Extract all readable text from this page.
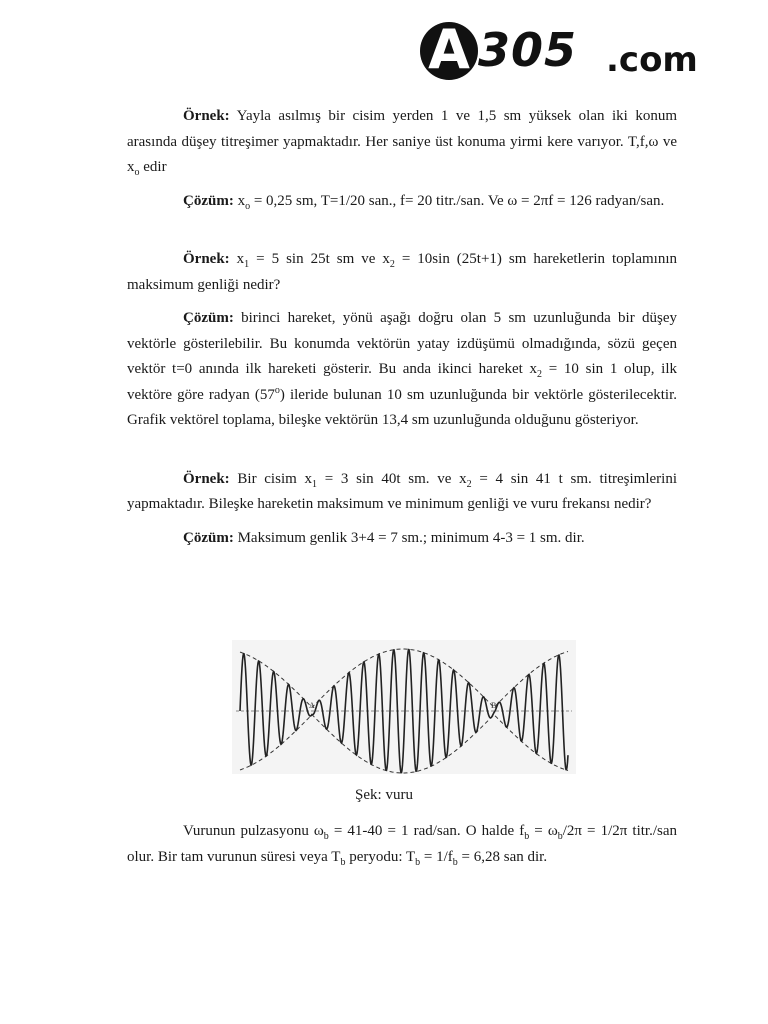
A 305 .com

Örnek: Yayla asılmış bir cisim yerden 1 ve 1,5 sm yüksek olan iki konum arasında düşey titreşimer yapmaktadır. Her saniye üst konuma yirmi kere varıyor. T,f,ω ve $x_o$ edir

Çözüm: $x_o = 0,25$ sm, T=1/20 san., f= 20 titr./san. Ve ω = 2πf = 126 radyan/san.

Örnek: $x_1 = 5$ sin 25t sm ve $x_2 = 10\sin$ (25t+1) sm hareketlerin toplamının maksimum genliği nedir?

Çözüm: birinci hareket, yönü aşağı doğru olan 5 sm uzunluğunda bir düşey vektörle gösterilebilir. Bu konumda vektörün yatay izdüşümü olmadığında, sözü geçen vektör t=0 anında ilk hareketi gösterir. Bu anda ikinci hareket $x_2 = 10$ sin 1 olup, ilk vektöre göre radyan (57$^o$) ileride bulunan 10 sm uzunluğunda bir vektörle gösterilecektir. Grafik vektörel toplama, bileşke vektörün 13,4 sm uzunluğunda olduğunu gösteriyor.

Örnek: Bir cisim $x_1 = 3$ sin 40t sm. ve $x_2 = 4$ sin 41 t sm. titreşimlerini yapmaktadır. Bileşke hareketin maksimum ve minimum genliği ve vuru frekansı nedir?

Çözüm: Maksimum genlik 3+4 = 7 sm.; minimum 4-3 = 1 sm. dir.

A	B
Şek: vuru

Vurunun pulzasyonu $\omega_b = 41-40 = 1$ rad/san. O halde $f_b = \omega_b/2\pi = 1/2\pi$ titr./san olur. Bir tam vurunun süresi veya $T_b$ peryodu: $T_b = 1/f_b = 6,28$ san dir.
